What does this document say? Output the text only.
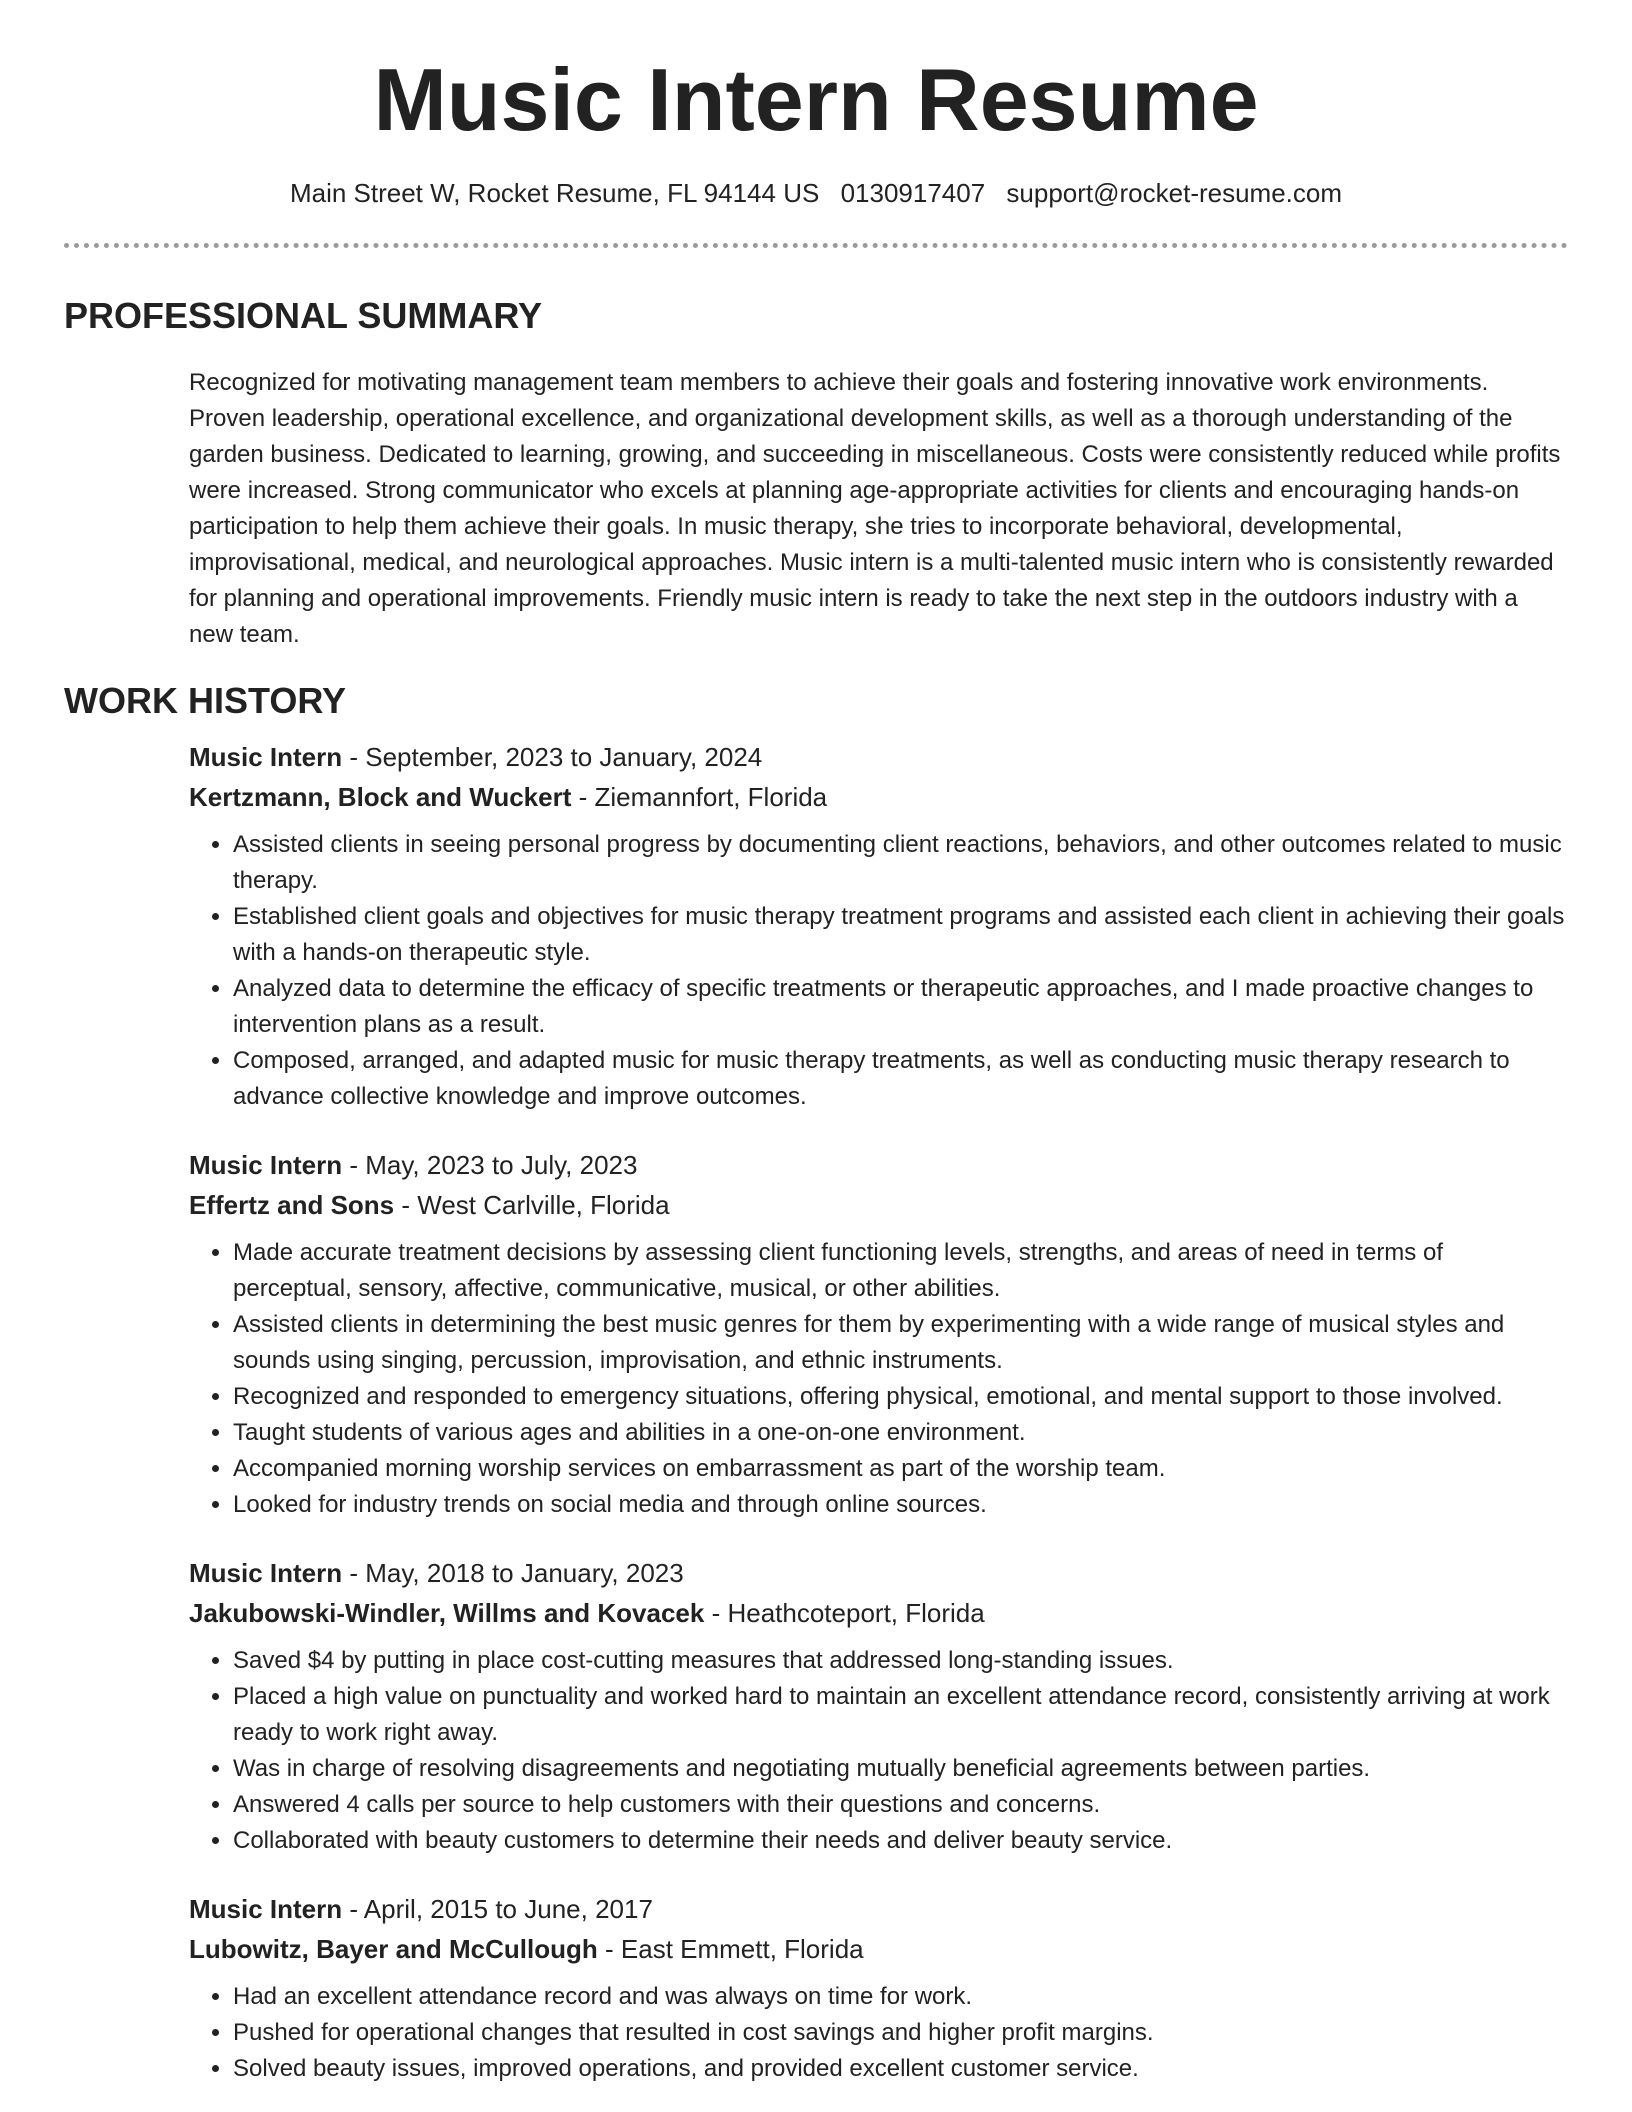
Music Intern Resume
Main Street W, Rocket Resume, FL 94144 US 0130917407 support@rocket-resume.com
PROFESSIONAL SUMMARY
Recognized for motivating management team members to achieve their goals and fostering innovative work environments. Proven leadership, operational excellence, and organizational development skills, as well as a thorough understanding of the garden business. Dedicated to learning, growing, and succeeding in miscellaneous. Costs were consistently reduced while profits were increased. Strong communicator who excels at planning age-appropriate activities for clients and encouraging hands-on participation to help them achieve their goals. In music therapy, she tries to incorporate behavioral, developmental, improvisational, medical, and neurological approaches. Music intern is a multi-talented music intern who is consistently rewarded for planning and operational improvements. Friendly music intern is ready to take the next step in the outdoors industry with a new team.
WORK HISTORY
Music Intern - September, 2023 to January, 2024
Kertzmann, Block and Wuckert - Ziemannfort, Florida
• Assisted clients in seeing personal progress by documenting client reactions, behaviors, and other outcomes related to music therapy.
• Established client goals and objectives for music therapy treatment programs and assisted each client in achieving their goals with a hands-on therapeutic style.
• Analyzed data to determine the efficacy of specific treatments or therapeutic approaches, and I made proactive changes to intervention plans as a result.
• Composed, arranged, and adapted music for music therapy treatments, as well as conducting music therapy research to advance collective knowledge and improve outcomes.
Music Intern - May, 2023 to July, 2023
Effertz and Sons - West Carlville, Florida
• Made accurate treatment decisions by assessing client functioning levels, strengths, and areas of need in terms of perceptual, sensory, affective, communicative, musical, or other abilities.
• Assisted clients in determining the best music genres for them by experimenting with a wide range of musical styles and sounds using singing, percussion, improvisation, and ethnic instruments.
• Recognized and responded to emergency situations, offering physical, emotional, and mental support to those involved.
• Taught students of various ages and abilities in a one-on-one environment.
• Accompanied morning worship services on embarrassment as part of the worship team.
• Looked for industry trends on social media and through online sources.
Music Intern - May, 2018 to January, 2023
Jakubowski-Windler, Willms and Kovacek - Heathcoteport, Florida
• Saved $4 by putting in place cost-cutting measures that addressed long-standing issues.
• Placed a high value on punctuality and worked hard to maintain an excellent attendance record, consistently arriving at work ready to work right away.
• Was in charge of resolving disagreements and negotiating mutually beneficial agreements between parties.
• Answered 4 calls per source to help customers with their questions and concerns.
• Collaborated with beauty customers to determine their needs and deliver beauty service.
Music Intern - April, 2015 to June, 2017
Lubowitz, Bayer and McCullough - East Emmett, Florida
• Had an excellent attendance record and was always on time for work.
• Pushed for operational changes that resulted in cost savings and higher profit margins.
• Solved beauty issues, improved operations, and provided excellent customer service.
